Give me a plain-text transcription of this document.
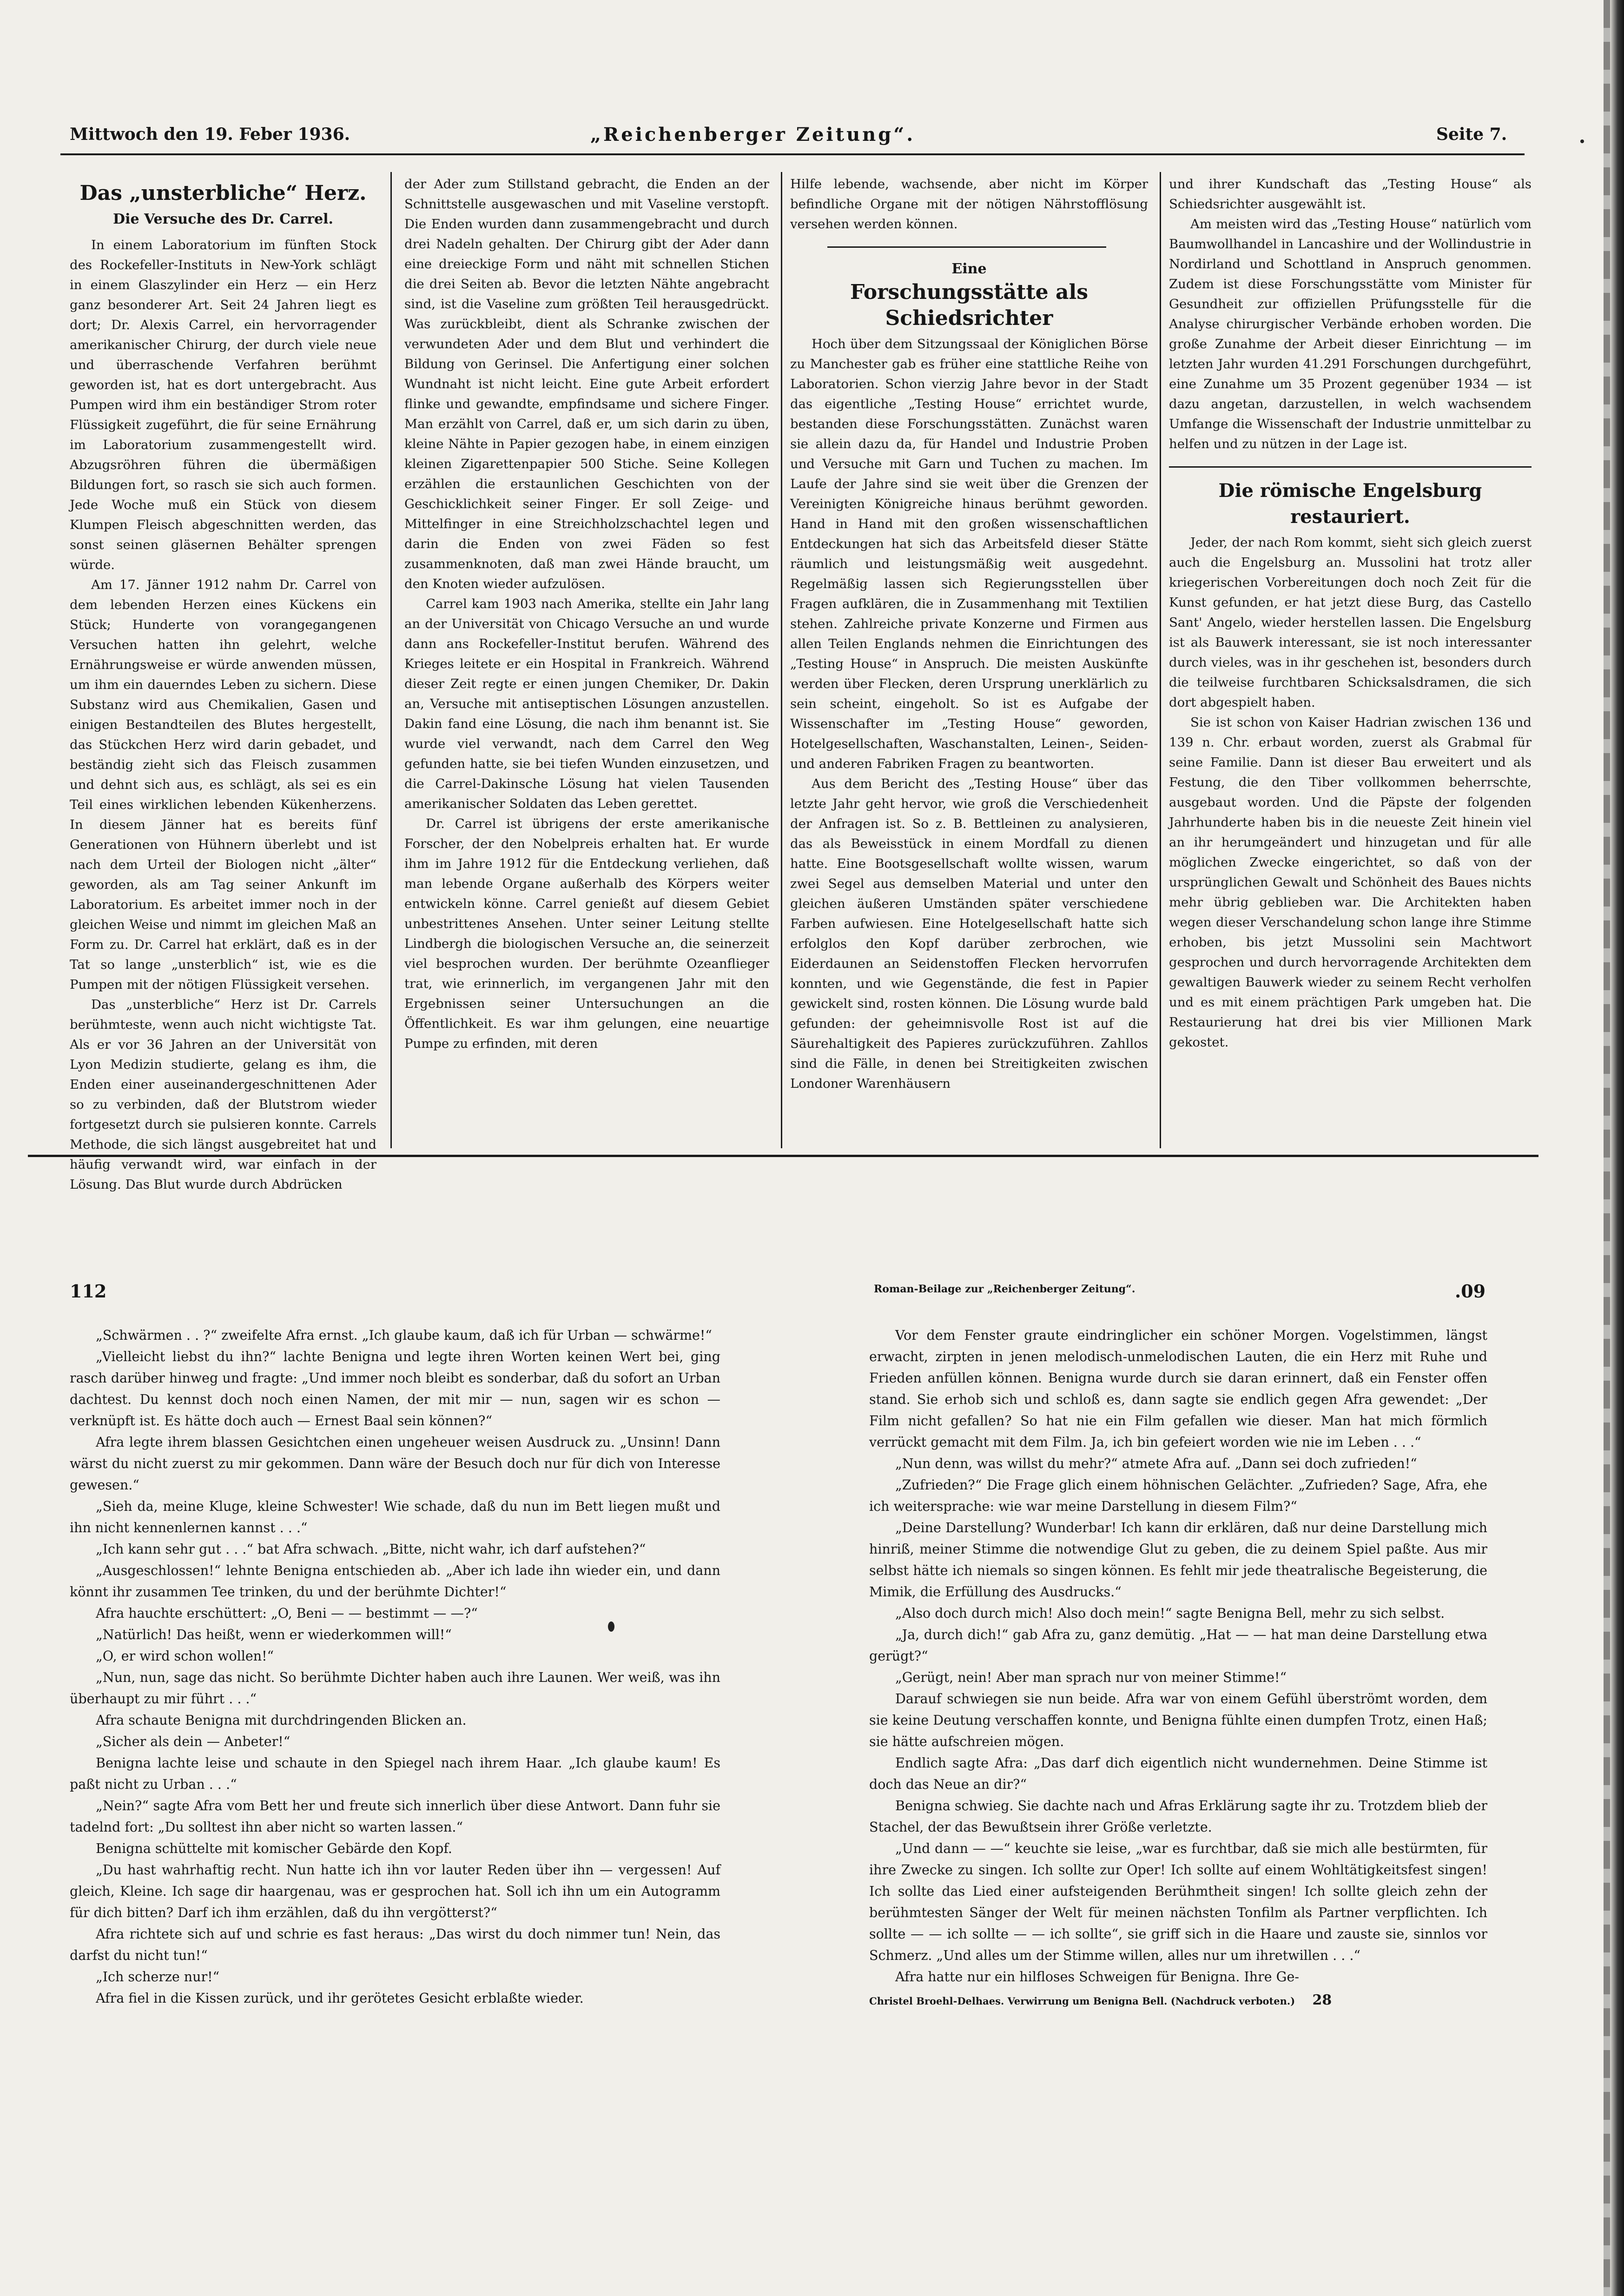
Mittwoch den 19. Feber 1936.	„Reichenberger Zeitung“.	Seite 7.
Das „unsterbliche“ Herz.
Die Versuche des Dr. Carrel.

In einem Laboratorium im fünften Stock des Rockefeller-Instituts in New-York schlägt in einem Glaszylinder ein Herz — ein Herz ganz besonderer Art. Seit 24 Jahren liegt es dort; Dr. Alexis Carrel, ein hervorragender amerikanischer Chirurg, der durch viele neue und überraschende Verfahren berühmt geworden ist, hat es dort untergebracht. Aus Pumpen wird ihm ein beständiger Strom roter Flüssigkeit zugeführt, die für seine Ernährung im Laboratorium zusammengestellt wird. Abzugsröhren führen die übermäßigen Bildungen fort, so rasch sie sich auch formen. Jede Woche muß ein Stück von diesem Klumpen Fleisch abgeschnitten werden, das sonst seinen gläsernen Behälter sprengen würde.

Am 17. Jänner 1912 nahm Dr. Carrel von dem lebenden Herzen eines Kückens ein Stück; Hunderte von vorangegangenen Versuchen hatten ihn gelehrt, welche Ernährungsweise er würde anwenden müssen, um ihm ein dauerndes Leben zu sichern. Diese Substanz wird aus Chemikalien, Gasen und einigen Bestandteilen des Blutes hergestellt, das Stückchen Herz wird darin gebadet, und beständig zieht sich das Fleisch zusammen und dehnt sich aus, es schlägt, als sei es ein Teil eines wirklichen lebenden Kükenherzens. In diesem Jänner hat es bereits fünf Generationen von Hühnern überlebt und ist nach dem Urteil der Biologen nicht „älter“ geworden, als am Tag seiner Ankunft im Laboratorium. Es arbeitet immer noch in der gleichen Weise und nimmt im gleichen Maß an Form zu. Dr. Carrel hat erklärt, daß es in der Tat so lange „unsterblich“ ist, wie es die Pumpen mit der nötigen Flüssigkeit versehen.

Das „unsterbliche“ Herz ist Dr. Carrels berühmteste, wenn auch nicht wichtigste Tat. Als er vor 36 Jahren an der Universität von Lyon Medizin studierte, gelang es ihm, die Enden einer auseinandergeschnittenen Ader so zu verbinden, daß der Blutstrom wieder fortgesetzt durch sie pulsieren konnte. Carrels Methode, die sich längst ausgebreitet hat und häufig verwandt wird, war einfach in der Lösung. Das Blut wurde durch Abdrücken

der Ader zum Stillstand gebracht, die Enden an der Schnittstelle ausgewaschen und mit Vaseline verstopft. Die Enden wurden dann zusammengebracht und durch drei Nadeln gehalten. Der Chirurg gibt der Ader dann eine dreieckige Form und näht mit schnellen Stichen die drei Seiten ab. Bevor die letzten Nähte angebracht sind, ist die Vaseline zum größten Teil herausgedrückt. Was zurückbleibt, dient als Schranke zwischen der verwundeten Ader und dem Blut und verhindert die Bildung von Gerinsel. Die Anfertigung einer solchen Wundnaht ist nicht leicht. Eine gute Arbeit erfordert flinke und gewandte, empfindsame und sichere Finger. Man erzählt von Carrel, daß er, um sich darin zu üben, kleine Nähte in Papier gezogen habe, in einem einzigen kleinen Zigarettenpapier 500 Stiche. Seine Kollegen erzählen die erstaunlichen Geschichten von der Geschicklichkeit seiner Finger. Er soll Zeige- und Mittelfinger in eine Streichholzschachtel legen und darin die Enden von zwei Fäden so fest zusammenknoten, daß man zwei Hände braucht, um den Knoten wieder aufzulösen.

Carrel kam 1903 nach Amerika, stellte ein Jahr lang an der Universität von Chicago Versuche an und wurde dann ans Rockefeller-Institut berufen. Während des Krieges leitete er ein Hospital in Frankreich. Während dieser Zeit regte er einen jungen Chemiker, Dr. Dakin an, Versuche mit antiseptischen Lösungen anzustellen. Dakin fand eine Lösung, die nach ihm benannt ist. Sie wurde viel verwandt, nach dem Carrel den Weg gefunden hatte, sie bei tiefen Wunden einzusetzen, und die Carrel-Dakinsche Lösung hat vielen Tausenden amerikanischer Soldaten das Leben gerettet.

Dr. Carrel ist übrigens der erste amerikanische Forscher, der den Nobelpreis erhalten hat. Er wurde ihm im Jahre 1912 für die Entdeckung verliehen, daß man lebende Organe außerhalb des Körpers weiter entwickeln könne. Carrel genießt auf diesem Gebiet unbestrittenes Ansehen. Unter seiner Leitung stellte Lindbergh die biologischen Versuche an, die seinerzeit viel besprochen wurden. Der berühmte Ozeanflieger trat, wie erinnerlich, im vergangenen Jahr mit den Ergebnissen seiner Untersuchungen an die Öffentlichkeit. Es war ihm gelungen, eine neuartige Pumpe zu erfinden, mit deren

Hilfe lebende, wachsende, aber nicht im Körper befindliche Organe mit der nötigen Nährstofflösung versehen werden können.

Eine
Forschungsstätte als Schiedsrichter

Hoch über dem Sitzungssaal der Königlichen Börse zu Manchester gab es früher eine stattliche Reihe von Laboratorien. Schon vierzig Jahre bevor in der Stadt das eigentliche „Testing House“ errichtet wurde, bestanden diese Forschungsstätten. Zunächst waren sie allein dazu da, für Handel und Industrie Proben und Versuche mit Garn und Tuchen zu machen. Im Laufe der Jahre sind sie weit über die Grenzen der Vereinigten Königreiche hinaus berühmt geworden. Hand in Hand mit den großen wissenschaftlichen Entdeckungen hat sich das Arbeitsfeld dieser Stätte räumlich und leistungsmäßig weit ausgedehnt. Regelmäßig lassen sich Regierungsstellen über Fragen aufklären, die in Zusammenhang mit Textilien stehen. Zahlreiche private Konzerne und Firmen aus allen Teilen Englands nehmen die Einrichtungen des „Testing House“ in Anspruch. Die meisten Auskünfte werden über Flecken, deren Ursprung unerklärlich zu sein scheint, eingeholt. So ist es Aufgabe der Wissenschafter im „Testing House“ geworden, Hotelgesellschaften, Waschanstalten, Leinen-, Seiden- und anderen Fabriken Fragen zu beantworten.

Aus dem Bericht des „Testing House“ über das letzte Jahr geht hervor, wie groß die Verschiedenheit der Anfragen ist. So z. B. Bettleinen zu analysieren, das als Beweisstück in einem Mordfall zu dienen hatte. Eine Bootsgesellschaft wollte wissen, warum zwei Segel aus demselben Material und unter den gleichen äußeren Umständen später verschiedene Farben aufwiesen. Eine Hotelgesellschaft hatte sich erfolglos den Kopf darüber zerbrochen, wie Eiderdaunen an Seidenstoffen Flecken hervorrufen konnten, und wie Gegenstände, die fest in Papier gewickelt sind, rosten können. Die Lösung wurde bald gefunden: der geheimnisvolle Rost ist auf die Säurehaltigkeit des Papieres zurückzuführen. Zahllos sind die Fälle, in denen bei Streitigkeiten zwischen Londoner Warenhäusern

und ihrer Kundschaft das „Testing House“ als Schiedsrichter ausgewählt ist.

Am meisten wird das „Testing House“ natürlich vom Baumwollhandel in Lancashire und der Wollindustrie in Nordirland und Schottland in Anspruch genommen. Zudem ist diese Forschungsstätte vom Minister für Gesundheit zur offiziellen Prüfungsstelle für die Analyse chirurgischer Verbände erhoben worden. Die große Zunahme der Arbeit dieser Einrichtung — im letzten Jahr wurden 41.291 Forschungen durchgeführt, eine Zunahme um 35 Prozent gegenüber 1934 — ist dazu angetan, darzustellen, in welch wachsendem Umfange die Wissenschaft der Industrie unmittelbar zu helfen und zu nützen in der Lage ist.

Die römische Engelsburg restauriert.

Jeder, der nach Rom kommt, sieht sich gleich zuerst auch die Engelsburg an. Mussolini hat trotz aller kriegerischen Vorbereitungen doch noch Zeit für die Kunst gefunden, er hat jetzt diese Burg, das Castello Sant' Angelo, wieder herstellen lassen. Die Engelsburg ist als Bauwerk interessant, sie ist noch interessanter durch vieles, was in ihr geschehen ist, besonders durch die teilweise furchtbaren Schicksalsdramen, die sich dort abgespielt haben.

Sie ist schon von Kaiser Hadrian zwischen 136 und 139 n. Chr. erbaut worden, zuerst als Grabmal für seine Familie. Dann ist dieser Bau erweitert und als Festung, die den Tiber vollkommen beherrschte, ausgebaut worden. Und die Päpste der folgenden Jahrhunderte haben bis in die neueste Zeit hinein viel an ihr herumgeändert und hinzugetan und für alle möglichen Zwecke eingerichtet, so daß von der ursprünglichen Gewalt und Schönheit des Baues nichts mehr übrig geblieben war. Die Architekten haben wegen dieser Verschandelung schon lange ihre Stimme erhoben, bis jetzt Mussolini sein Machtwort gesprochen und durch hervorragende Architekten dem gewaltigen Bauwerk wieder zu seinem Recht verholfen und es mit einem prächtigen Park umgeben hat. Die Restaurierung hat drei bis vier Millionen Mark gekostet.

112	Roman-Beilage zur „Reichenberger Zeitung“.	.09

„Schwärmen . . ?“ zweifelte Afra ernst. „Ich glaube kaum, daß ich für Urban — schwärme!“

„Vielleicht liebst du ihn?“ lachte Benigna und legte ihren Worten keinen Wert bei, ging rasch darüber hinweg und fragte: „Und immer noch bleibt es sonderbar, daß du sofort an Urban dachtest. Du kennst doch noch einen Namen, der mit mir — nun, sagen wir es schon — verknüpft ist. Es hätte doch auch — Ernest Baal sein können?“

Afra legte ihrem blassen Gesichtchen einen ungeheuer weisen Ausdruck zu. „Unsinn! Dann wärst du nicht zuerst zu mir gekommen. Dann wäre der Besuch doch nur für dich von Interesse gewesen.“

„Sieh da, meine Kluge, kleine Schwester! Wie schade, daß du nun im Bett liegen mußt und ihn nicht kennenlernen kannst . . .“

„Ich kann sehr gut . . .“ bat Afra schwach. „Bitte, nicht wahr, ich darf aufstehen?“

„Ausgeschlossen!“ lehnte Benigna entschieden ab. „Aber ich lade ihn wieder ein, und dann könnt ihr zusammen Tee trinken, du und der berühmte Dichter!“

Afra hauchte erschüttert: „O, Beni — — bestimmt — —?“

„Natürlich! Das heißt, wenn er wiederkommen will!“

„O, er wird schon wollen!“

„Nun, nun, sage das nicht. So berühmte Dichter haben auch ihre Launen. Wer weiß, was ihn überhaupt zu mir führt . . .“

Afra schaute Benigna mit durchdringenden Blicken an.

„Sicher als dein — Anbeter!“

Benigna lachte leise und schaute in den Spiegel nach ihrem Haar. „Ich glaube kaum! Es paßt nicht zu Urban . . .“

„Nein?“ sagte Afra vom Bett her und freute sich innerlich über diese Antwort. Dann fuhr sie tadelnd fort: „Du solltest ihn aber nicht so warten lassen.“

Benigna schüttelte mit komischer Gebärde den Kopf.

„Du hast wahrhaftig recht. Nun hatte ich ihn vor lauter Reden über ihn — vergessen! Auf gleich, Kleine. Ich sage dir haargenau, was er gesprochen hat. Soll ich ihn um ein Autogramm für dich bitten? Darf ich ihm erzählen, daß du ihn vergötterst?“

Afra richtete sich auf und schrie es fast heraus: „Das wirst du doch nimmer tun! Nein, das darfst du nicht tun!“

„Ich scherze nur!“

Afra fiel in die Kissen zurück, und ihr gerötetes Gesicht erblaßte wieder.

Vor dem Fenster graute eindringlicher ein schöner Morgen. Vogelstimmen, längst erwacht, zirpten in jenen melodisch-unmelodischen Lauten, die ein Herz mit Ruhe und Frieden anfüllen können. Benigna wurde durch sie daran erinnert, daß ein Fenster offen stand. Sie erhob sich und schloß es, dann sagte sie endlich gegen Afra gewendet: „Der Film nicht gefallen? So hat nie ein Film gefallen wie dieser. Man hat mich förmlich verrückt gemacht mit dem Film. Ja, ich bin gefeiert worden wie nie im Leben . . .“

„Nun denn, was willst du mehr?“ atmete Afra auf. „Dann sei doch zufrieden!“

„Zufrieden?“ Die Frage glich einem höhnischen Gelächter. „Zufrieden? Sage, Afra, ehe ich weitersprache: wie war meine Darstellung in diesem Film?“

„Deine Darstellung? Wunderbar! Ich kann dir erklären, daß nur deine Darstellung mich hinriß, meiner Stimme die notwendige Glut zu geben, die zu deinem Spiel paßte. Aus mir selbst hätte ich niemals so singen können. Es fehlt mir jede theatralische Begeisterung, die Mimik, die Erfüllung des Ausdrucks.“

„Also doch durch mich! Also doch mein!“ sagte Benigna Bell, mehr zu sich selbst.

„Ja, durch dich!“ gab Afra zu, ganz demütig. „Hat — — hat man deine Darstellung etwa gerügt?“

„Gerügt, nein! Aber man sprach nur von meiner Stimme!“

Darauf schwiegen sie nun beide. Afra war von einem Gefühl überströmt worden, dem sie keine Deutung verschaffen konnte, und Benigna fühlte einen dumpfen Trotz, einen Haß; sie hätte aufschreien mögen.

Endlich sagte Afra: „Das darf dich eigentlich nicht wundernehmen. Deine Stimme ist doch das Neue an dir?“

Benigna schwieg. Sie dachte nach und Afras Erklärung sagte ihr zu. Trotzdem blieb der Stachel, der das Bewußtsein ihrer Größe verletzte.

„Und dann — —“ keuchte sie leise, „war es furchtbar, daß sie mich alle bestürmten, für ihre Zwecke zu singen. Ich sollte zur Oper! Ich sollte auf einem Wohltätigkeitsfest singen! Ich sollte das Lied einer aufsteigenden Berühmtheit singen! Ich sollte gleich zehn der berühmtesten Sänger der Welt für meinen nächsten Tonfilm als Partner verpflichten. Ich sollte — — ich sollte — — ich sollte“, sie griff sich in die Haare und zauste sie, sinnlos vor Schmerz. „Und alles um der Stimme willen, alles nur um ihretwillen . . .“

Afra hatte nur ein hilfloses Schweigen für Benigna. Ihre Ge-

Christel Broehl-Delhaes. Verwirrung um Benigna Bell. (Nachdruck verboten.) 28
